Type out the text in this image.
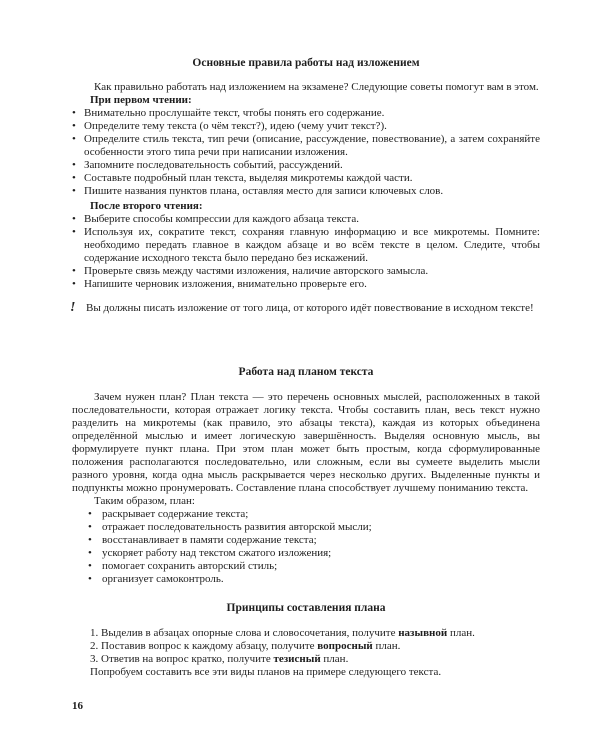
Основные правила работы над изложением

Как правильно работать над изложением на экзамене? Следующие советы помогут вам в этом.

При первом чтении:
• Внимательно прослушайте текст, чтобы понять его содержание.
• Определите тему текста (о чём текст?), идею (чему учит текст?).
• Определите стиль текста, тип речи (описание, рассуждение, повествование), а затем сохраняйте особенности этого типа речи при написании изложения.
• Запомните последовательность событий, рассуждений.
• Составьте подробный план текста, выделяя микротемы каждой части.
• Пишите названия пунктов плана, оставляя место для записи ключевых слов.
После второго чтения:
• Выберите способы компрессии для каждого абзаца текста.
• Используя их, сократите текст, сохраняя главную информацию и все микротемы. Помните: необходимо передать главное в каждом абзаце и во всём тексте в целом. Следите, чтобы содержание исходного текста было передано без искажений.
• Проверьте связь между частями изложения, наличие авторского замысла.
• Напишите черновик изложения, внимательно проверьте его.
! Вы должны писать изложение от того лица, от которого идёт повествование в исходном тексте!
Работа над планом текста

Зачем нужен план? План текста — это перечень основных мыслей, расположенных в такой последовательности, которая отражает логику текста. Чтобы составить план, весь текст нужно разделить на микротемы (как правило, это абзацы текста), каждая из которых объединена определённой мыслью и имеет логическую завершённость. Выделяя основную мысль, вы формулируете пункт плана. При этом план может быть простым, когда сформулированные положения располагаются последовательно, или сложным, если вы сумеете выделить мысли разного уровня, когда одна мысль раскрывается через несколько других. Выделенные пункты и подпункты можно пронумеровать. Составление плана способствует лучшему пониманию текста.

Таким образом, план:

• раскрывает содержание текста;
• отражает последовательность развития авторской мысли;
• восстанавливает в памяти содержание текста;
• ускоряет работу над текстом сжатого изложения;
• помогает сохранить авторский стиль;
• организует самоконтроль.
Принципы составления плана
1. Выделив в абзацах опорные слова и словосочетания, получите назывной план.
2. Поставив вопрос к каждому абзацу, получите вопросный план.
3. Ответив на вопрос кратко, получите тезисный план.
Попробуем составить все эти виды планов на примере следующего текста.
16
